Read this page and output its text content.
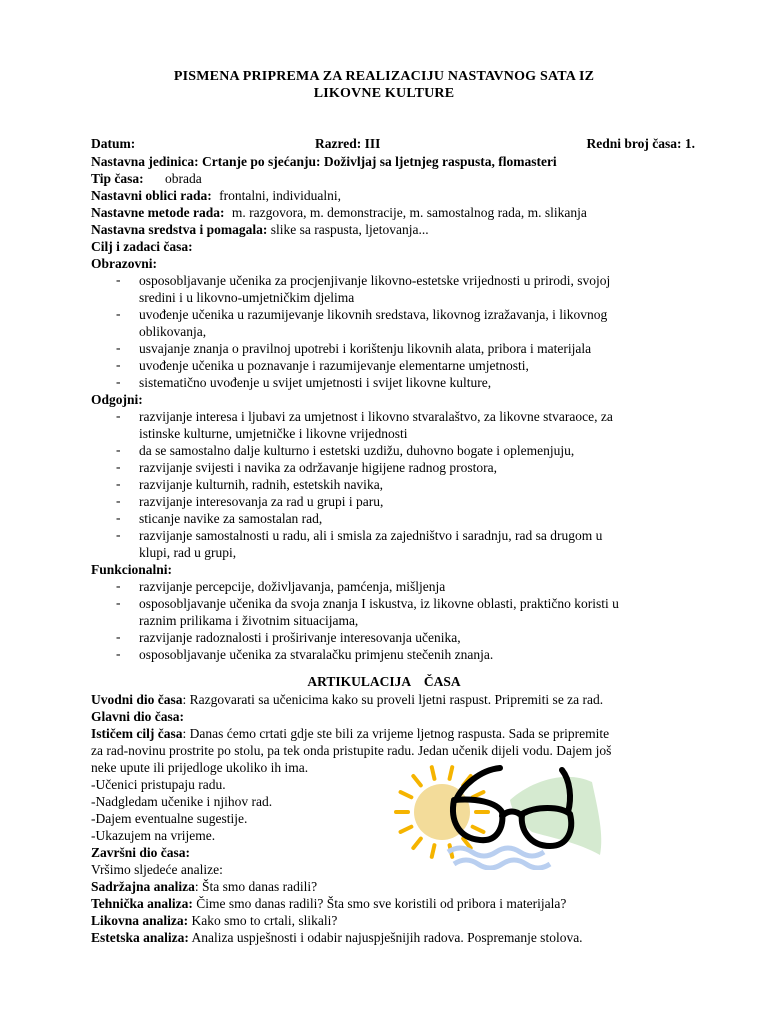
PISMENA PRIPREMA ZA REALIZACIJU NASTAVNOG SATA IZ
LIKOVNE KULTURE
Datum:	Razred: III	Redni broj časa: 1.
Nastavna jedinica: Crtanje po sjećanju: Doživljaj sa ljetnjeg raspusta, flomasteri
Tip časa: obrada
Nastavni oblici rada: frontalni, individualni,
Nastavne metode rada: m. razgovora, m. demonstracije, m. samostalnog rada, m. slikanja
Nastavna sredstva i pomagala: slike sa raspusta, ljetovanja...
Cilj i zadaci časa:
Obrazovni:
- osposobljavanje učenika za procjenjivanje likovno-estetske vrijednosti u prirodi, svojoj
sredini i u likovno-umjetničkim djelima
- uvođenje učenika u razumijevanje likovnih sredstava, likovnog izražavanja, i likovnog
oblikovanja,
- usvajanje znanja o pravilnoj upotrebi i korištenju likovnih alata, pribora i materijala
- uvođenje učenika u poznavanje i razumijevanje elementarne umjetnosti,
- sistematično uvođenje u svijet umjetnosti i svijet likovne kulture,
Odgojni:
- razvijanje interesa i ljubavi za umjetnost i likovno stvaralaštvo, za likovne stvaraoce, za
istinske kulturne, umjetničke i likovne vrijednosti
- da se samostalno dalje kulturno i estetski uzdižu, duhovno bogate i oplemenjuju,
- razvijanje svijesti i navika za održavanje higijene radnog prostora,
- razvijanje kulturnih, radnih, estetskih navika,
- razvijanje interesovanja za rad u grupi i paru,
- sticanje navike za samostalan rad,
- razvijanje samostalnosti u radu, ali i smisla za zajedništvo i saradnju, rad sa drugom u
klupi, rad u grupi,
Funkcionalni:
- razvijanje percepcije, doživljavanja, pamćenja, mišljenja
- osposobljavanje učenika da svoja znanja I iskustva, iz likovne oblasti, praktično koristi u
raznim prilikama i životnim situacijama,
- razvijanje radoznalosti i proširivanje interesovanja učenika,
- osposobljavanje učenika za stvaralačku primjenu stečenih znanja.
ARTIKULACIJA    ČASA
Uvodni dio časa: Razgovarati sa učenicima kako su proveli ljetni raspust. Pripremiti se za rad.
Glavni dio časa:
Ističem cilj časa: Danas ćemo crtati gdje ste bili za vrijeme ljetnog raspusta. Sada se pripremite
za rad-novinu prostrite po stolu, pa tek onda pristupite radu. Jedan učenik dijeli vodu. Dajem još
neke upute ili prijedloge ukoliko ih ima.
-Učenici pristupaju radu.
-Nadgledam učenike i njihov rad.
-Dajem eventualne sugestije.
-Ukazujem na vrijeme.
Završni dio časa:
Vršimo sljedeće analize:
Sadržajna analiza: Šta smo danas radili?
Tehnička analiza: Čime smo danas radili? Šta smo sve koristili od pribora i materijala?
Likovna analiza: Kako smo to crtali, slikali?
Estetska analiza: Analiza uspješnosti i odabir najuspješnijih radova. Pospremanje stolova.
